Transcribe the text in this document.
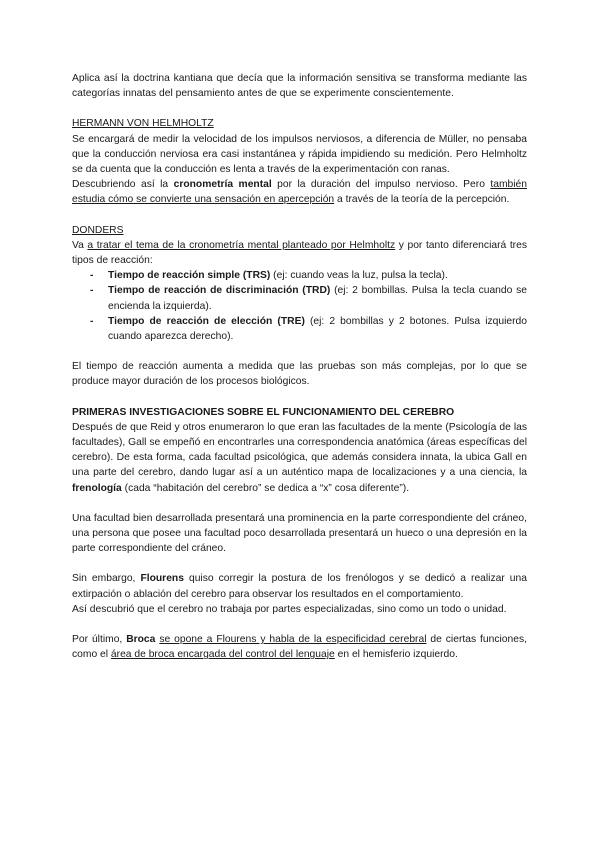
Aplica así la doctrina kantiana que decía que la información sensitiva se transforma mediante las categorías innatas del pensamiento antes de que se experimente conscientemente.

HERMANN VON HELMHOLTZ

Se encargará de medir la velocidad de los impulsos nerviosos, a diferencia de Müller, no pensaba que la conducción nerviosa era casi instantánea y rápida impidiendo su medición. Pero Helmholtz se da cuenta que la conducción es lenta a través de la experimentación con ranas.

Descubriendo así la cronometría mental por la duración del impulso nervioso. Pero también estudia cómo se convierte una sensación en apercepción a través de la teoría de la percepción.

DONDERS

Va a tratar el tema de la cronometría mental planteado por Helmholtz y por tanto diferenciará tres tipos de reacción:

- Tiempo de reacción simple (TRS) (ej: cuando veas la luz, pulsa la tecla).
- Tiempo de reacción de discriminación (TRD) (ej: 2 bombillas. Pulsa la tecla cuando se encienda la izquierda).
- Tiempo de reacción de elección (TRE) (ej: 2 bombillas y 2 botones. Pulsa izquierdo cuando aparezca derecho).

El tiempo de reacción aumenta a medida que las pruebas son más complejas, por lo que se produce mayor duración de los procesos biológicos.

PRIMERAS INVESTIGACIONES SOBRE EL FUNCIONAMIENTO DEL CEREBRO

Después de que Reid y otros enumeraron lo que eran las facultades de la mente (Psicología de las facultades), Gall se empeñó en encontrarles una correspondencia anatómica (áreas específicas del cerebro). De esta forma, cada facultad psicológica, que además considera innata, la ubica Gall en una parte del cerebro, dando lugar así a un auténtico mapa de localizaciones y a una ciencia, la frenología (cada “habitación del cerebro” se dedica a “x” cosa diferente”).

Una facultad bien desarrollada presentará una prominencia en la parte correspondiente del cráneo, una persona que posee una facultad poco desarrollada presentará un hueco o una depresión en la parte correspondiente del cráneo.

Sin embargo, Flourens quiso corregir la postura de los frenólogos y se dedicó a realizar una extirpación o ablación del cerebro para observar los resultados en el comportamiento.

Así descubrió que el cerebro no trabaja por partes especializadas, sino como un todo o unidad.

Por último, Broca se opone a Flourens y habla de la especificidad cerebral de ciertas funciones, como el área de broca encargada del control del lenguaje en el hemisferio izquierdo.
